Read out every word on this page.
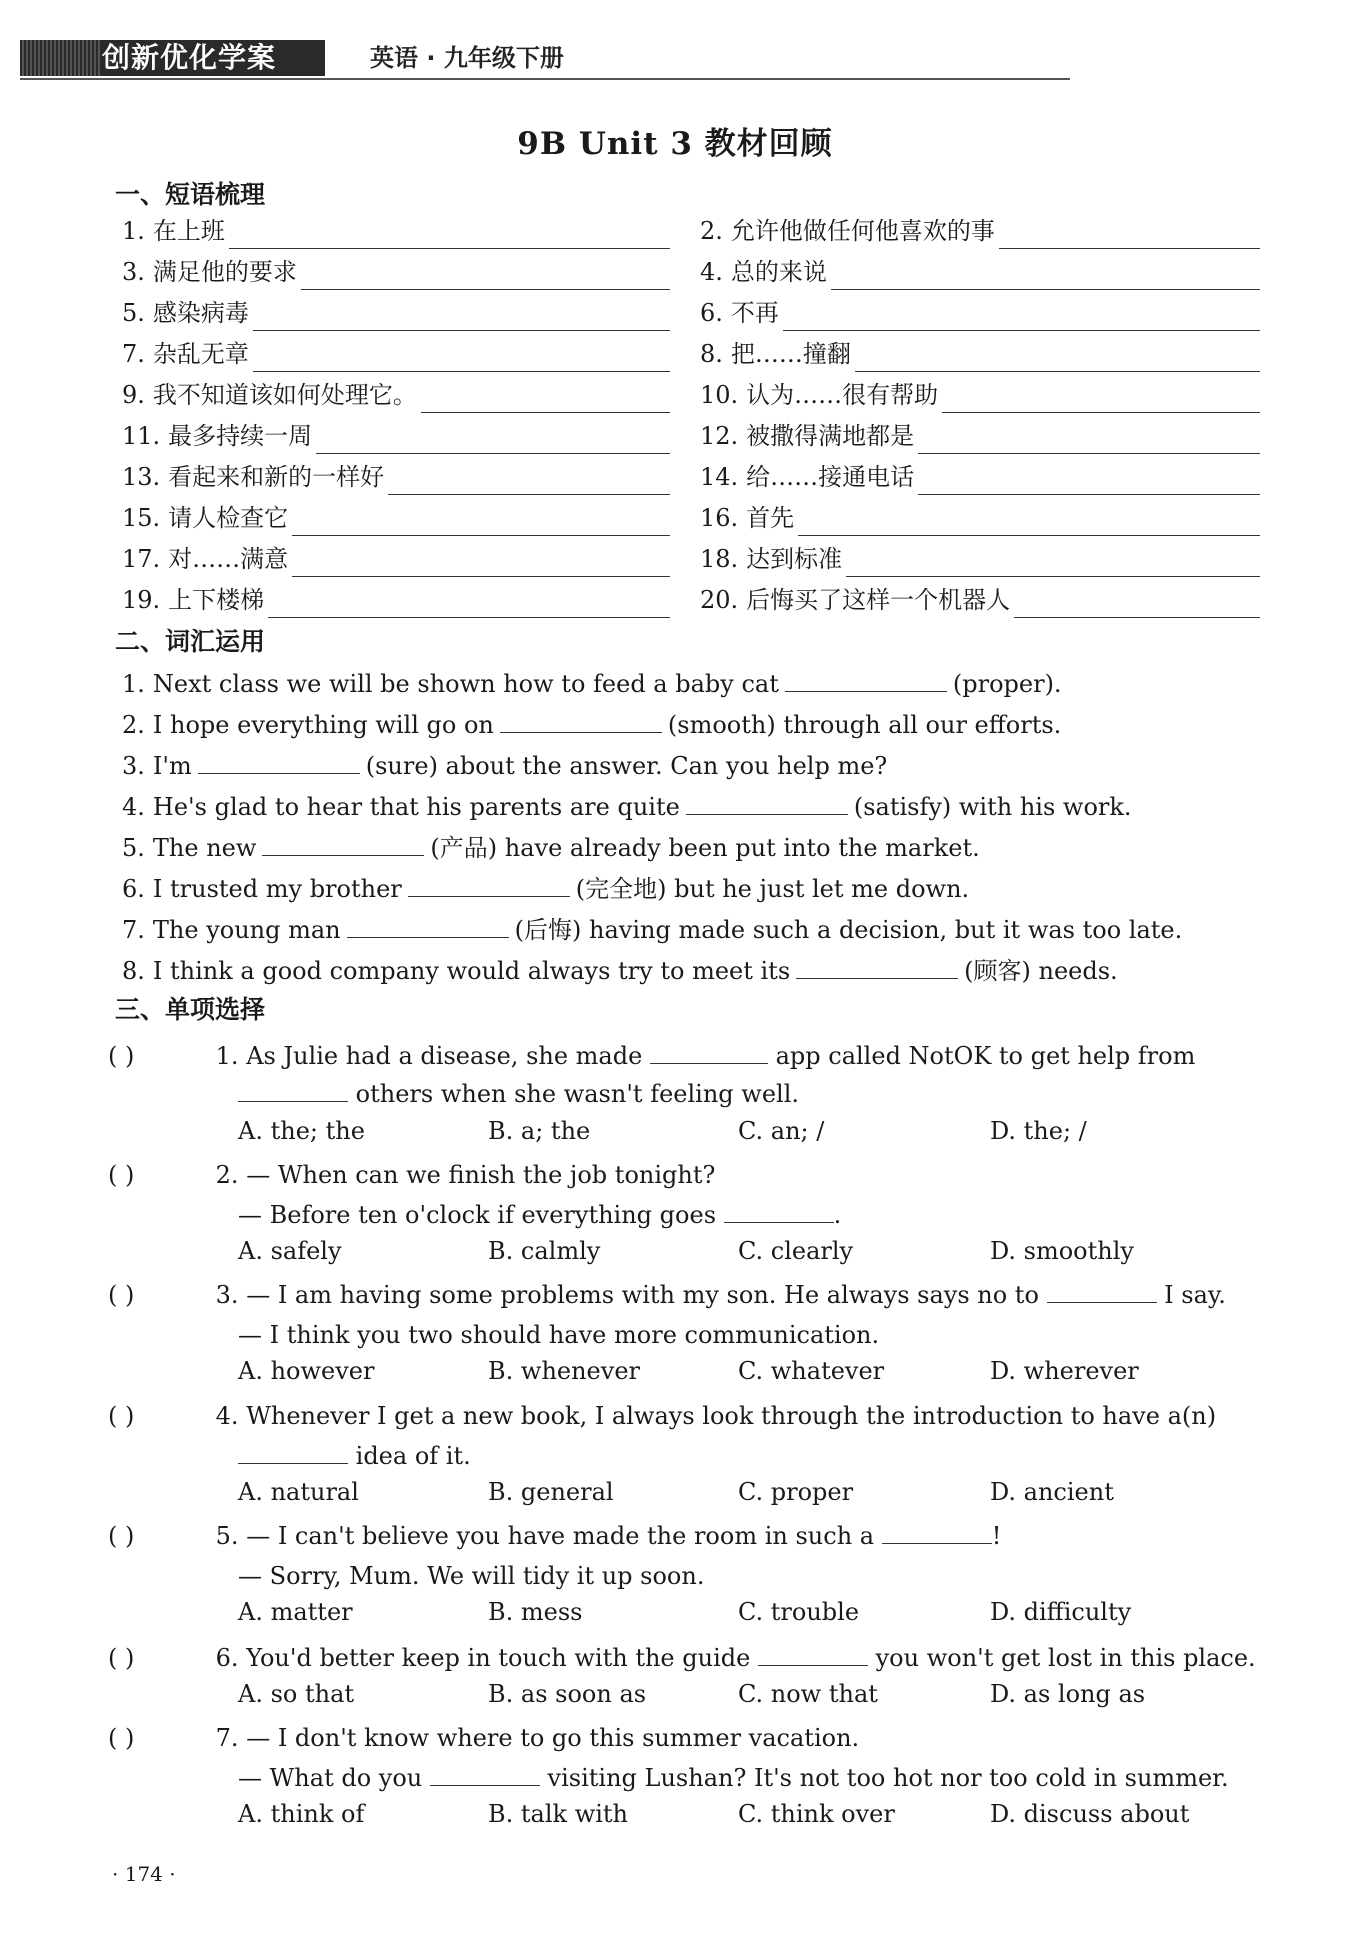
创新优化学案	英语 · 九年级下册
9B Unit 3 教材回顾
一、短语梳理
1. 在上班	2. 允许他做任何他喜欢的事
3. 满足他的要求	4. 总的来说
5. 感染病毒	6. 不再
7. 杂乱无章	8. 把……撞翻
9. 我不知道该如何处理它。	10. 认为……很有帮助
11. 最多持续一周	12. 被撒得满地都是
13. 看起来和新的一样好	14. 给……接通电话
15. 请人检查它	16. 首先
17. 对……满意	18. 达到标准
19. 上下楼梯	20. 后悔买了这样一个机器人
二、词汇运用
1. Next class we will be shown how to feed a baby cat	(proper).
2. I hope everything will go on	(smooth) through all our efforts.
3. I'm	(sure) about the answer. Can you help me?
4. He's glad to hear that his parents are quite	(satisfy) with his work.
5. The new	(产品) have already been put into the market.
6. I trusted my brother	(完全地) but he just let me down.
7. The young man	(后悔) having made such a decision, but it was too late.
8. I think a good company would always try to meet its	(顾客) needs.
三、单项选择
( )	1. As Julie had a disease, she made	app called NotOK to get help from
others when she wasn't feeling well.
A. the; the	B. a; the	C. an; /	D. the; /
( )	2. — When can we finish the job tonight?
— Before ten o'clock if everything goes	.
A. safely	B. calmly	C. clearly	D. smoothly
( )	3. — I am having some problems with my son. He always says no to	I say.
— I think you two should have more communication.
A. however	B. whenever	C. whatever	D. wherever
( )	4. Whenever I get a new book, I always look through the introduction to have a(n)
idea of it.
A. natural	B. general	C. proper	D. ancient
( )	5. — I can't believe you have made the room in such a	!
— Sorry, Mum. We will tidy it up soon.
A. matter	B. mess	C. trouble	D. difficulty
( )	6. You'd better keep in touch with the guide	you won't get lost in this place.
A. so that	B. as soon as	C. now that	D. as long as
( )	7. — I don't know where to go this summer vacation.
— What do you	visiting Lushan? It's not too hot nor too cold in summer.
A. think of	B. talk with	C. think over	D. discuss about
· 174 ·
